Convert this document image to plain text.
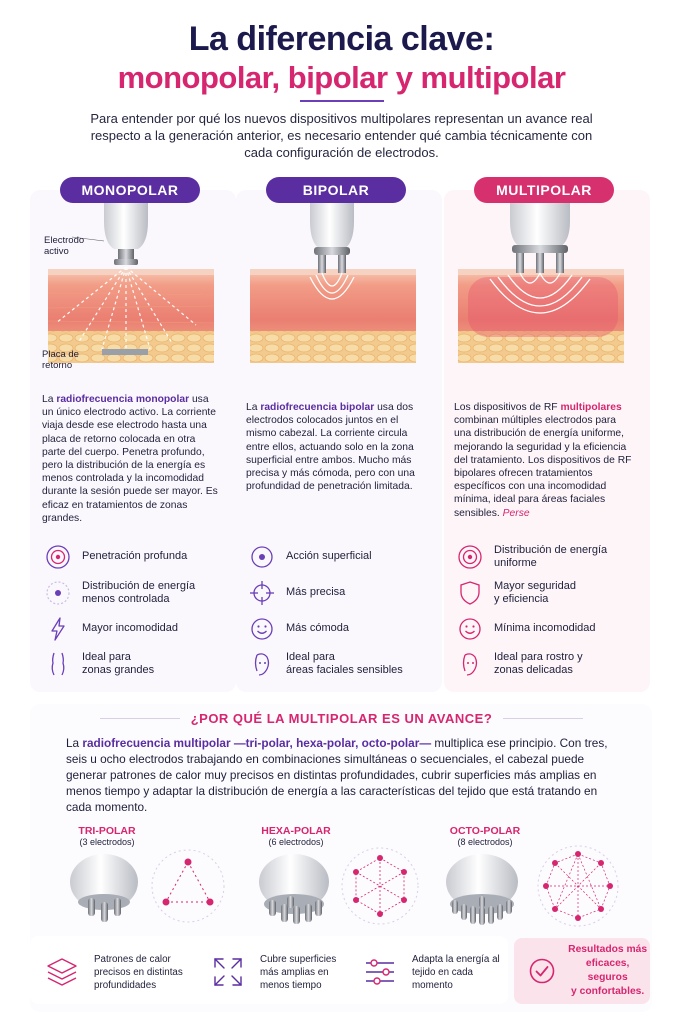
La diferencia clave:
monopolar, bipolar y multipolar
Para entender por qué los nuevos dispositivos multipolares representan un avance real respecto a la generación anterior, es necesario entender qué cambia técnicamente con cada configuración de electrodos.
MONOPOLAR	BIPOLAR	MULTIPOLAR
Electrodo
activo
Placa de
retorno
La radiofrecuencia monopolar usa un único electrodo activo. La corriente viaja desde ese electrodo hasta una placa de retorno colocada en otra parte del cuerpo. Penetra profundo, pero la distribución de la energía es menos controlada y la incomodidad durante la sesión puede ser mayor. Es eficaz en tratamientos de zonas grandes.
La radiofrecuencia bipolar usa dos electrodos colocados juntos en el mismo cabezal. La corriente circula entre ellos, actuando solo en la zona superficial entre ambos. Mucho más precisa y más cómoda, pero con una profundidad de penetración limitada.
Los dispositivos de RF multipolares combinan múltiples electrodos para una distribución de energía uniforme, mejorando la seguridad y la eficiencia del tratamiento. Los dispositivos de RF bipolares ofrecen tratamientos específicos con una incomodidad mínima, ideal para áreas faciales sensibles. Perse
Penetración profunda
Distribución de energía
menos controlada
Mayor incomodidad
Ideal para
zonas grandes
Acción superficial
Más precisa
Más cómoda
Ideal para
áreas faciales sensibles
Distribución de energía
uniforme
Mayor seguridad
y eficiencia
Mínima incomodidad
Ideal para rostro y
zonas delicadas
¿POR QUÉ LA MULTIPOLAR ES UN AVANCE?
La radiofrecuencia multipolar —tri-polar, hexa-polar, octo-polar— multiplica ese principio. Con tres, seis u ocho electrodos trabajando en combinaciones simultáneas o secuenciales, el cabezal puede generar patrones de calor muy precisos en distintas profundidades, cubrir superficies más amplias en menos tiempo y adaptar la distribución de energía a las características del tejido que está tratando en cada momento.
TRI-POLAR
(3 electrodos)
HEXA-POLAR
(6 electrodos)
OCTO-POLAR
(8 electrodos)
Patrones de calor
precisos en distintas
profundidades
Cubre superficies
más amplias en
menos tiempo
Adapta la energía al
tejido en cada
momento
Resultados más
eficaces, seguros
y confortables.
